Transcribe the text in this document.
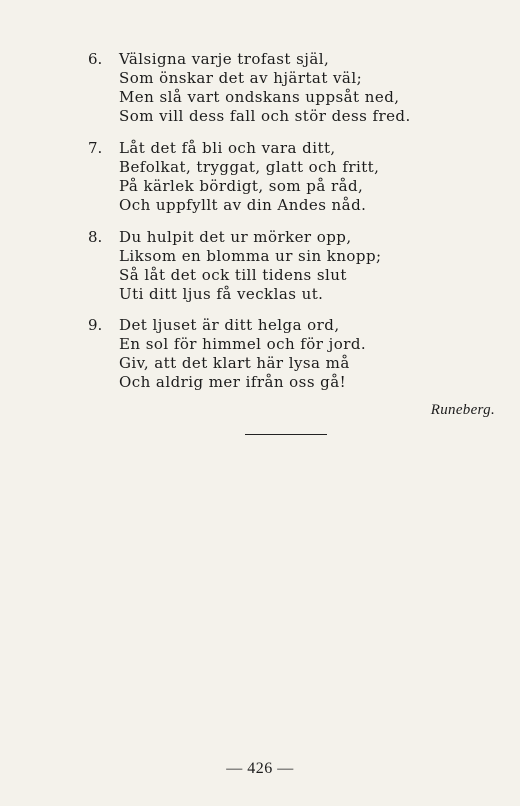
6. Välsigna varje trofast själ,
Som önskar det av hjärtat väl;
Men slå vart ondskans uppsåt ned,
Som vill dess fall och stör dess fred.
7. Låt det få bli och vara ditt,
Befolkat, tryggat, glatt och fritt,
På kärlek bördigt, som på råd,
Och uppfyllt av din Andes nåd.
8. Du hulpit det ur mörker opp,
Liksom en blomma ur sin knopp;
Så låt det ock till tidens slut
Uti ditt ljus få vecklas ut.
9. Det ljuset är ditt helga ord,
En sol för himmel och för jord.
Giv, att det klart här lysa må
Och aldrig mer ifrån oss gå!
Runeberg.
— 426 —
